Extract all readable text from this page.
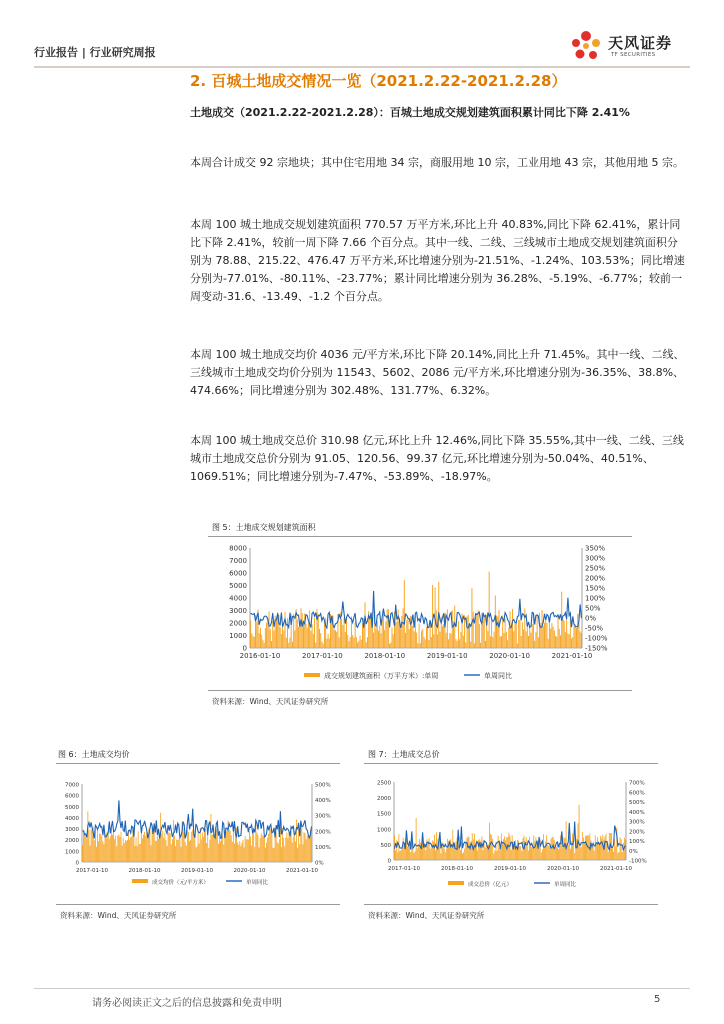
行业报告 | 行业研究周报
天风证券
TF SECURITIES
2. 百城土地成交情况一览（2021.2.22-2021.2.28）
土地成交（2021.2.22-2021.2.28）：百城土地成交规划建筑面积累计同比下降 2.41%
本周合计成交 92 宗地块；其中住宅用地 34 宗，商服用地 10 宗，工业用地 43 宗，其他用地 5 宗。
本周 100 城土地成交规划建筑面积 770.57 万平方米,环比上升 40.83%,同比下降 62.41%，累计同比下降 2.41%，较前一周下降 7.66 个百分点。其中一线、二线、三线城市土地成交规划建筑面积分别为 78.88、215.22、476.47 万平方米,环比增速分别为-21.51%、-1.24%、103.53%；同比增速分别为-77.01%、-80.11%、-23.77%；累计同比增速分别为 36.28%、-5.19%、-6.77%；较前一周变动-31.6、-13.49、-1.2 个百分点。
本周 100 城土地成交均价 4036 元/平方米,环比下降 20.14%,同比上升 71.45%。其中一线、二线、三线城市土地成交均价分别为 11543、5602、2086 元/平方米,环比增速分别为-36.35%、38.8%、474.66%；同比增速分别为 302.48%、131.77%、6.32%。
本周 100 城土地成交总价 310.98 亿元,环比上升 12.46%,同比下降 35.55%,其中一线、二线、三线城市土地成交总价分别为 91.05、120.56、99.37 亿元,环比增速分别为-50.04%、40.51%、1069.51%；同比增速分别为-7.47%、-53.89%、-18.97%。
图 5：土地成交规划建筑面积
0
1000
2000
3000
4000
5000
6000
7000
8000
-150%
-100%
-50%
0%
50%
100%
150%
200%
250%
300%
350%
2016-01-10	2017-01-10	2018-01-10	2019-01-10	2020-01-10	2021-01-10
成交规划建筑面积（万平方米）:单周	单周同比
资料来源：Wind、天风证券研究所
图 6：土地成交均价
0
1000
2000
3000
4000
5000
6000
7000
0%
100%
200%
300%
400%
500%
2017-01-10	2018-01-10	2019-01-10	2020-01-10	2021-01-10
成交均价（元/平方米）	单周同比
资料来源：Wind、天风证券研究所
图 7：土地成交总价
0
500
1000
1500
2000
2500
-100%
0%
100%
200%
300%
400%
500%
600%
700%
2017-01-10	2018-01-10	2019-01-10	2020-01-10	2021-01-10
成交总价（亿元）	单周同比
资料来源：Wind、天风证券研究所
请务必阅读正文之后的信息披露和免责申明	5
